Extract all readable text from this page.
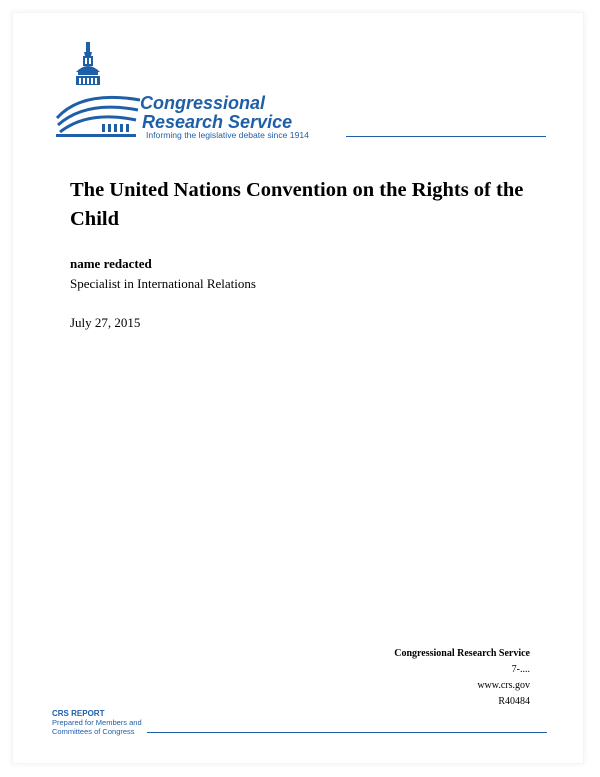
Congressional
Research Service
Informing the legislative debate since 1914
The United Nations Convention on the Rights of the Child
name redacted
Specialist in International Relations
July 27, 2015
Congressional Research Service
7-....
www.crs.gov
R40484
CRS REPORT
Prepared for Members and
Committees of Congress
